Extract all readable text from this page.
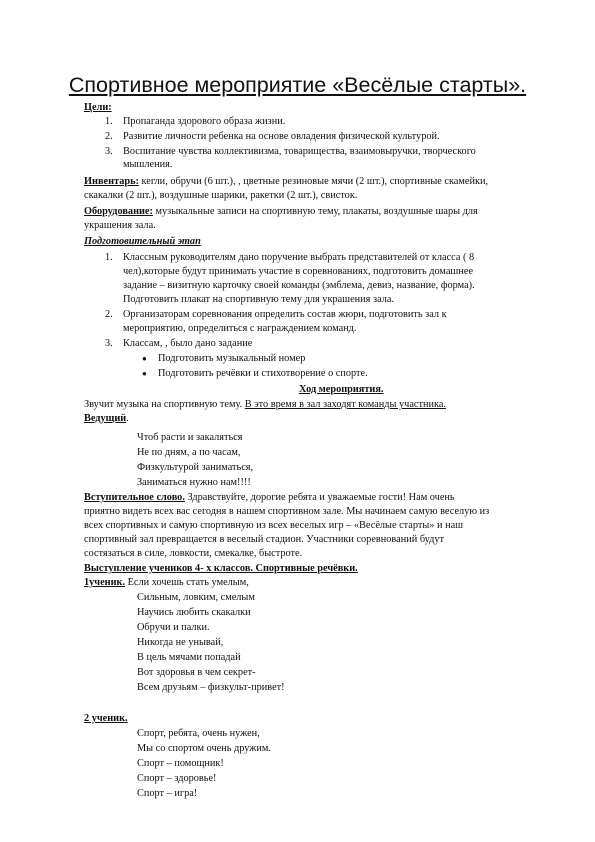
Спортивное мероприятие «Весёлые старты».
Цели:
1. Пропаганда здорового образа жизни.
2. Развитие личности ребенка на основе овладения физической культурой.
3. Воспитание чувства коллективизма, товарищества, взаимовыручки, творческого
мышления.
Инвентарь: кегли, обручи (6 шт.), , цветные резиновые мячи (2 шт.), спортивные скамейки,
скакалки (2 шт.), воздушные шарики, ракетки (2 шт.), свисток.
Оборудование: музыкальные записи на спортивную тему, плакаты, воздушные шары для
украшения зала.
Подготовительный этап
1. Классным руководителям дано поручение выбрать представителей от класса ( 8
чел),которые будут принимать участие в соревнованиях, подготовить домашнее
задание – визитную карточку своей команды (эмблема, девиз, название, форма).
Подготовить плакат на спортивную тему для украшения зала.
2. Организаторам соревнования определить состав жюри, подготовить зал к
мероприятию, определиться с награждением команд.
3. Классам, , было дано задание
● Подготовить музыкальный номер
● Подготовить речёвки и стихотворение о спорте.
Ход мероприятия.
Звучит музыка на спортивную тему. В это время в зал заходят команды участника.
Ведущий.
Чтоб расти и закаляться
Не по дням, а по часам,
Физкультурой заниматься,
Заниматься нужно нам!!!!
Вступительное слово. Здравствуйте, дорогие ребята и уважаемые гости! Нам очень
приятно видеть всех вас сегодня в нашем спортивном зале. Мы начинаем самую веселую из
всех спортивных и самую спортивную из всех веселых игр – «Весёлые старты» и наш
спортивный зал превращается в веселый стадион. Участники соревнований будут
состязаться в силе, ловкости, смекалке, быстроте.
Выступление учеников 4- х классов. Спортивные речёвки.
1ученик. Если хочешь стать умелым,
Сильным, ловким, смелым
Научись любить скакалки
Обручи и палки.
Никогда не унывай,
В цель мячами попадай
Вот здоровья в чем секрет-
Всем друзьям – физкульт-привет!
2 ученик.
Спорт, ребята, очень нужен,
Мы со спортом очень дружим.
Спорт – помощник!
Спорт – здоровье!
Спорт – игра!
